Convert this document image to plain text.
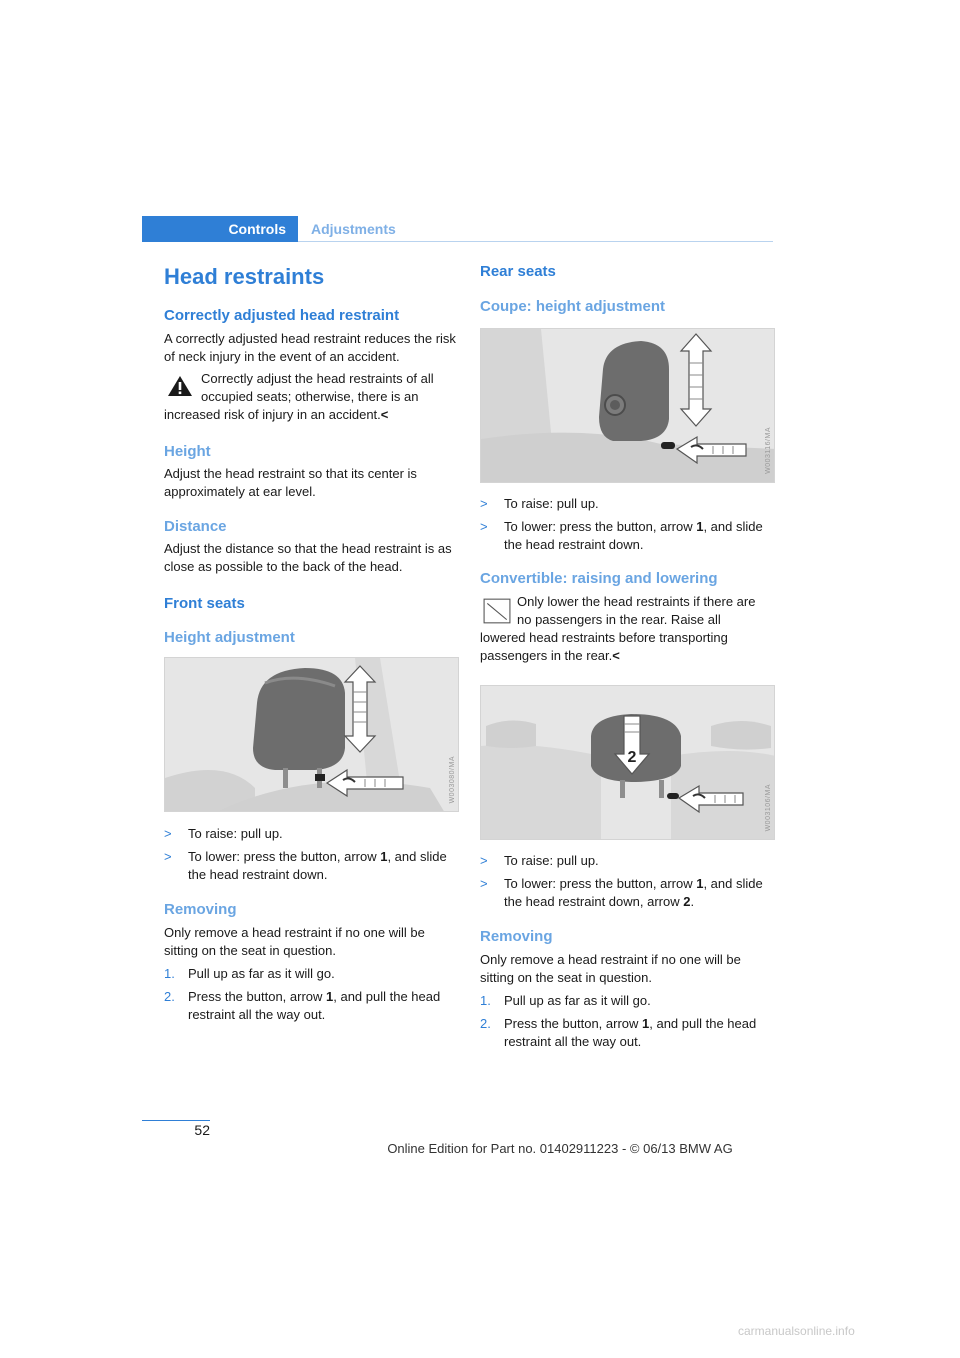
Controls	Adjustments
Head restraints
Correctly adjusted head restraint

A correctly adjusted head restraint reduces the risk of neck injury in the event of an accident.

Correctly adjust the head restraints of all

occupied seats; otherwise, there is an

increased risk of injury in an accident.<

Height

Adjust the head restraint so that its center is approximately at ear level.

Distance

Adjust the distance so that the head restraint is as close as possible to the back of the head.

Front seats
Height adjustment
W003080/MA
> To raise: pull up.
> To lower: press the button, arrow 1, and slide the head restraint down.
Removing

Only remove a head restraint if no one will be sitting on the seat in question.

1. Pull up as far as it will go.
2. Press the button, arrow 1, and pull the head restraint all the way out.
Rear seats
Coupe: height adjustment
W003116/MA
> To raise: pull up.
> To lower: press the button, arrow 1, and slide the head restraint down.
Convertible: raising and lowering

Only lower the head restraints if there are

no passengers in the rear. Raise all

lowered head restraints before transporting passengers in the rear.<

2
W003106/MA
> To raise: pull up.
> To lower: press the button, arrow 1, and slide the head restraint down, arrow 2.
Removing

Only remove a head restraint if no one will be sitting on the seat in question.

1. Pull up as far as it will go.
2. Press the button, arrow 1, and pull the head restraint all the way out.
52
Online Edition for Part no. 01402911223 - © 06/13 BMW AG
carmanualsonline.info
